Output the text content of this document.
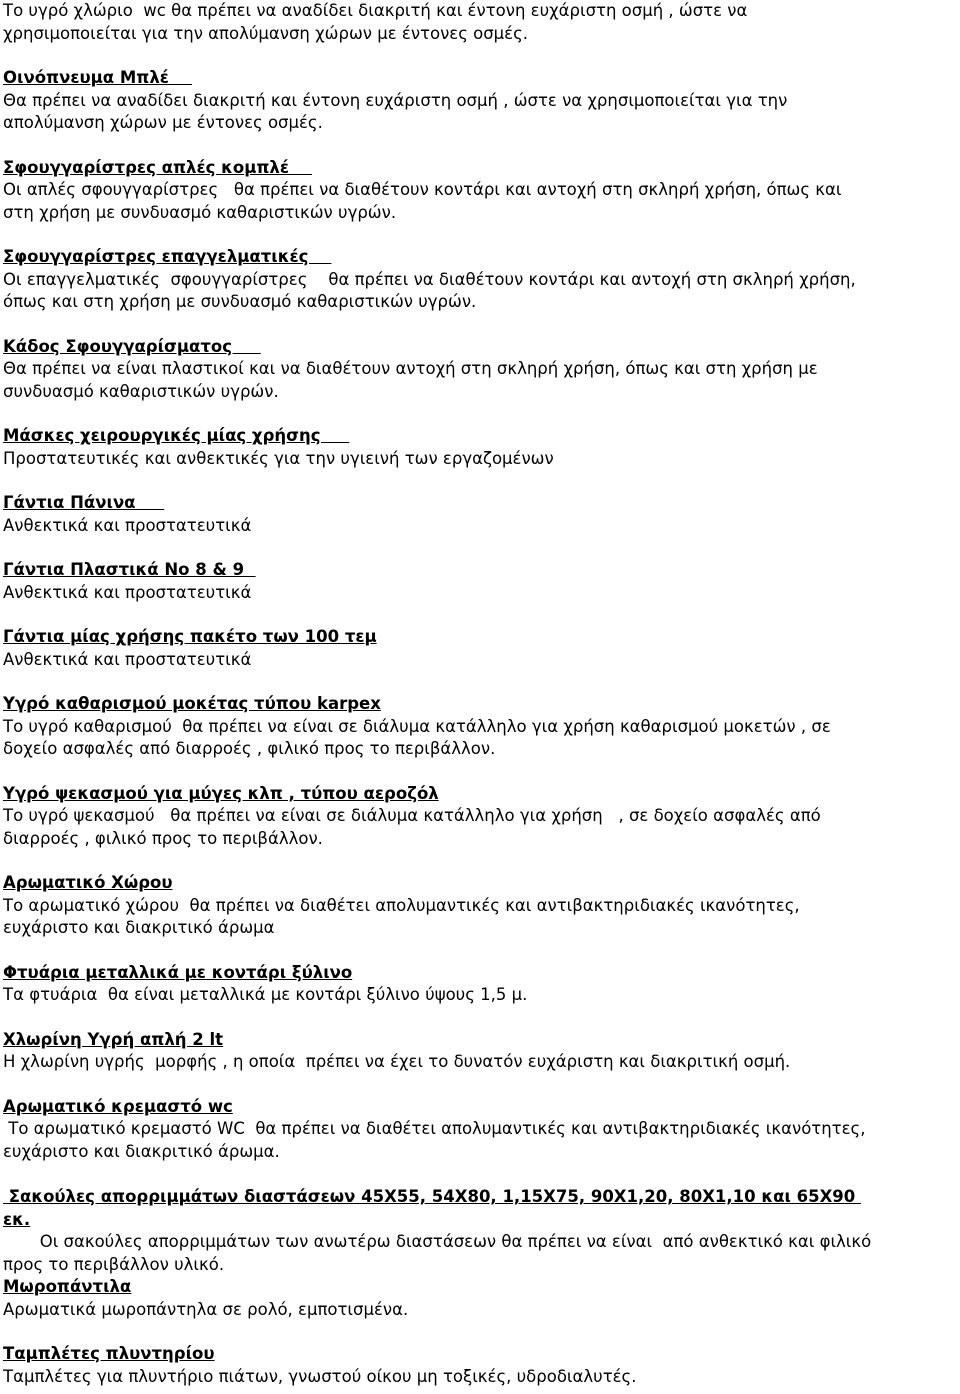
Το υγρό χλώριο  wc θα πρέπει να αναδίδει διακριτή και έντονη ευχάριστη οσμή , ώστε να
χρησιμοποιείται για την απολύμανση χώρων με έντονες οσμές.
Οινόπνευμα Μπλέ
Θα πρέπει να αναδίδει διακριτή και έντονη ευχάριστη οσμή , ώστε να χρησιμοποιείται για την
απολύμανση χώρων με έντονες οσμές.
Σφουγγαρίστρες απλές κομπλέ
Οι απλές σφουγγαρίστρες   θα πρέπει να διαθέτουν κοντάρι και αντοχή στη σκληρή χρήση, όπως και
στη χρήση με συνδυασμό καθαριστικών υγρών.
Σφουγγαρίστρες επαγγελματικές
Οι επαγγελματικές  σφουγγαρίστρες    θα πρέπει να διαθέτουν κοντάρι και αντοχή στη σκληρή χρήση,
όπως και στη χρήση με συνδυασμό καθαριστικών υγρών.
Κάδος Σφουγγαρίσματος
Θα πρέπει να είναι πλαστικοί και να διαθέτουν αντοχή στη σκληρή χρήση, όπως και στη χρήση με
συνδυασμό καθαριστικών υγρών.
Μάσκες χειρουργικές μίας χρήσης
Προστατευτικές και ανθεκτικές για την υγιεινή των εργαζομένων
Γάντια Πάνινα
Ανθεκτικά και προστατευτικά
Γάντια Πλαστικά Νο 8 & 9
Ανθεκτικά και προστατευτικά
Γάντια μίας χρήσης πακέτο των 100 τεμ
Ανθεκτικά και προστατευτικά
Υγρό καθαρισμού μοκέτας τύπου karpex
Το υγρό καθαρισμού  θα πρέπει να είναι σε διάλυμα κατάλληλο για χρήση καθαρισμού μοκετών , σε
δοχείο ασφαλές από διαρροές , φιλικό προς το περιβάλλον.
Υγρό ψεκασμού για μύγες κλπ , τύπου αεροζόλ
Το υγρό ψεκασμού   θα πρέπει να είναι σε διάλυμα κατάλληλο για χρήση   , σε δοχείο ασφαλές από
διαρροές , φιλικό προς το περιβάλλον.
Αρωματικό Χώρου
Το αρωματικό χώρου  θα πρέπει να διαθέτει απολυμαντικές και αντιβακτηριδιακές ικανότητες,
ευχάριστο και διακριτικό άρωμα
Φτυάρια μεταλλικά με κοντάρι ξύλινο
Τα φτυάρια  θα είναι μεταλλικά με κοντάρι ξύλινο ύψους 1,5 μ.
Χλωρίνη Υγρή απλή 2 lt
Η χλωρίνη υγρής  μορφής , η οποία  πρέπει να έχει το δυνατόν ευχάριστη και διακριτική οσμή.
Αρωματικό κρεμαστό wc
Το αρωματικό κρεμαστό WC  θα πρέπει να διαθέτει απολυμαντικές και αντιβακτηριδιακές ικανότητες,
ευχάριστο και διακριτικό άρωμα.
Σακούλες απορριμμάτων διαστάσεων 45Χ55, 54Χ80, 1,15Χ75, 90Χ1,20, 80Χ1,10 και 65Χ90
εκ.
Οι σακούλες απορριμμάτων των ανωτέρω διαστάσεων θα πρέπει να είναι  από ανθεκτικό και φιλικό
προς το περιβάλλον υλικό.
Μωροπάντιλα
Αρωματικά μωροπάντηλα σε ρολό, εμποτισμένα.
Ταμπλέτες πλυντηρίου
Ταμπλέτες για πλυντήριο πιάτων, γνωστού οίκου μη τοξικές, υδροδιαλυτές.
